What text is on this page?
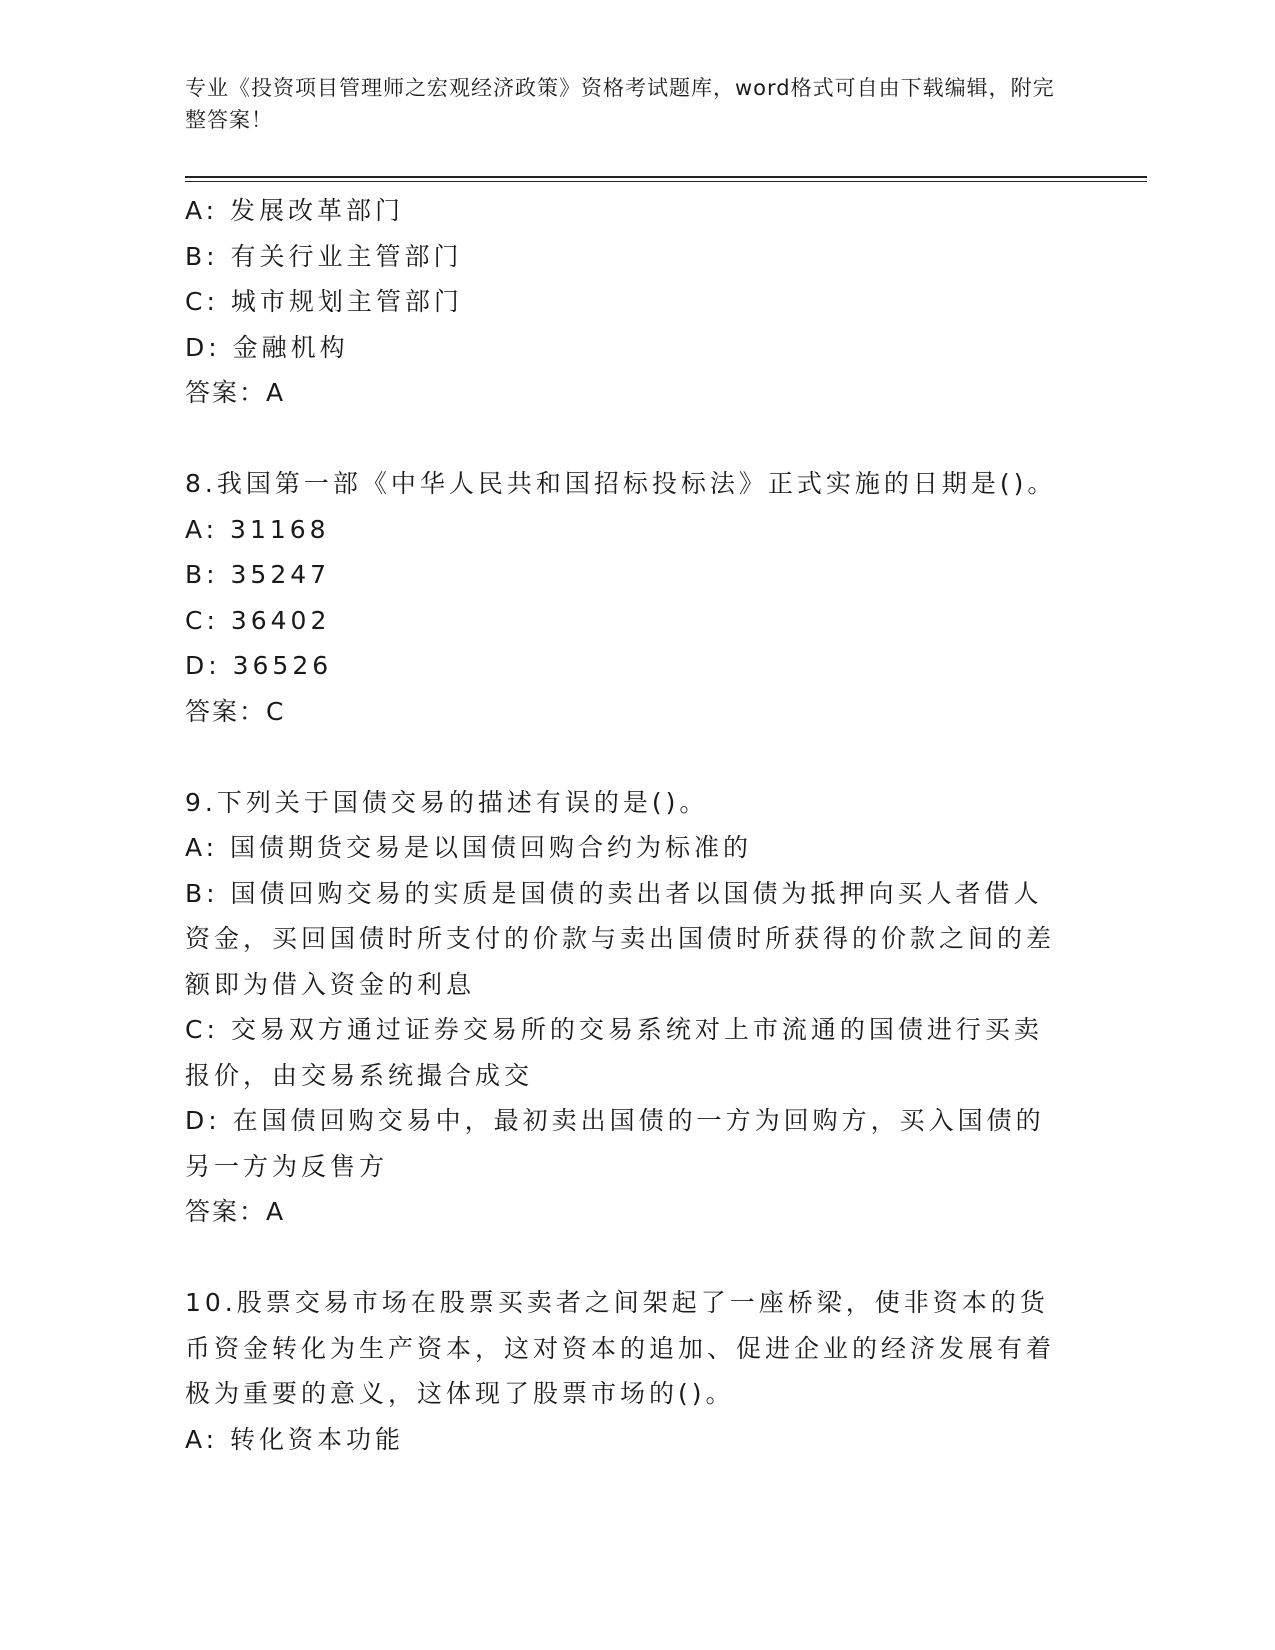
专业《投资项目管理师之宏观经济政策》资格考试题库，word格式可自由下载编辑，附完整答案！
A: 发展改革部门
B: 有关行业主管部门
C: 城市规划主管部门
D: 金融机构
答案：A
8.我国第一部《中华人民共和国招标投标法》正式实施的日期是()。
A: 31168
B: 35247
C: 36402
D: 36526
答案：C
9.下列关于国债交易的描述有误的是()。
A: 国债期货交易是以国债回购合约为标准的
B: 国债回购交易的实质是国债的卖出者以国债为抵押向买人者借人资金，买回国债时所支付的价款与卖出国债时所获得的价款之间的差额即为借入资金的利息
C: 交易双方通过证券交易所的交易系统对上市流通的国债进行买卖报价，由交易系统撮合成交
D: 在国债回购交易中，最初卖出国债的一方为回购方，买入国债的另一方为反售方
答案：A
10.股票交易市场在股票买卖者之间架起了一座桥梁，使非资本的货币资金转化为生产资本，这对资本的追加、促进企业的经济发展有着极为重要的意义，这体现了股票市场的()。
A: 转化资本功能
